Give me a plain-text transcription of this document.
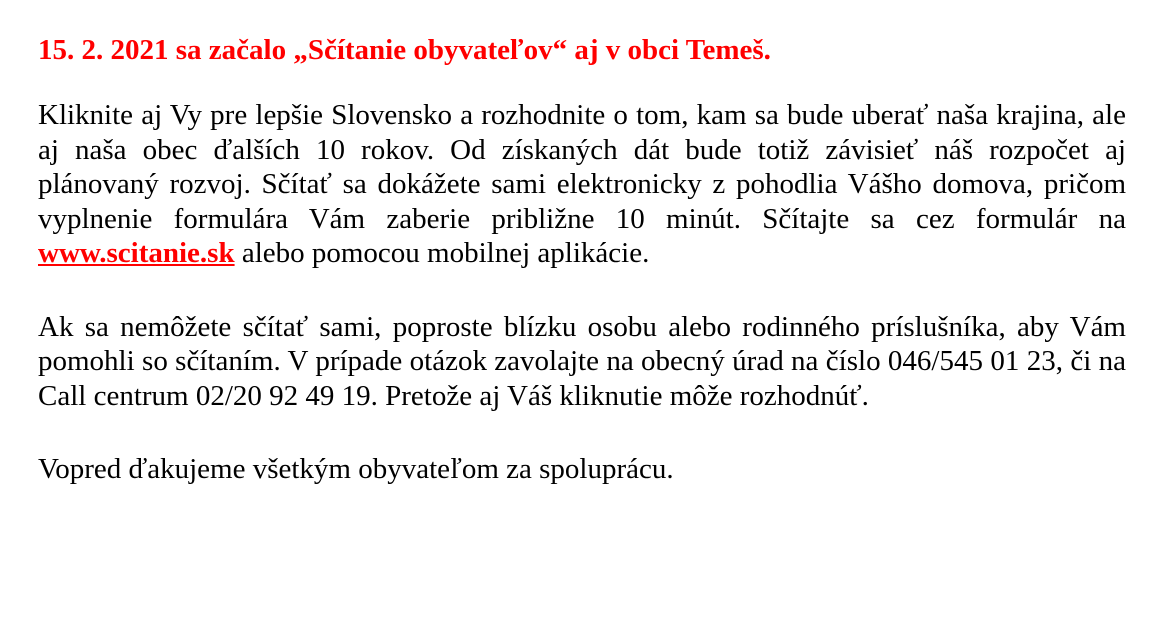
15. 2. 2021 sa začalo „Sčítanie obyvateľov“ aj v obci Temeš.

Kliknite aj Vy pre lepšie Slovensko a rozhodnite o tom, kam sa bude uberať naša krajina, ale aj naša obec ďalších 10 rokov. Od získaných dát bude totiž závisieť náš rozpočet aj plánovaný rozvoj. Sčítať sa dokážete sami elektronicky z pohodlia Vášho domova, pričom vyplnenie formulára Vám zaberie približne 10 minút. Sčítajte sa cez formulár na www.scitanie.sk alebo pomocou mobilnej aplikácie.

Ak sa nemôžete sčítať sami, poproste blízku osobu alebo rodinného príslušníka, aby Vám pomohli so sčítaním. V prípade otázok zavolajte na obecný úrad na číslo 046/545 01 23, či na Call centrum 02/20 92 49 19. Pretože aj Váš kliknutie môže rozhodnúť.

Vopred ďakujeme všetkým obyvateľom za spoluprácu.
